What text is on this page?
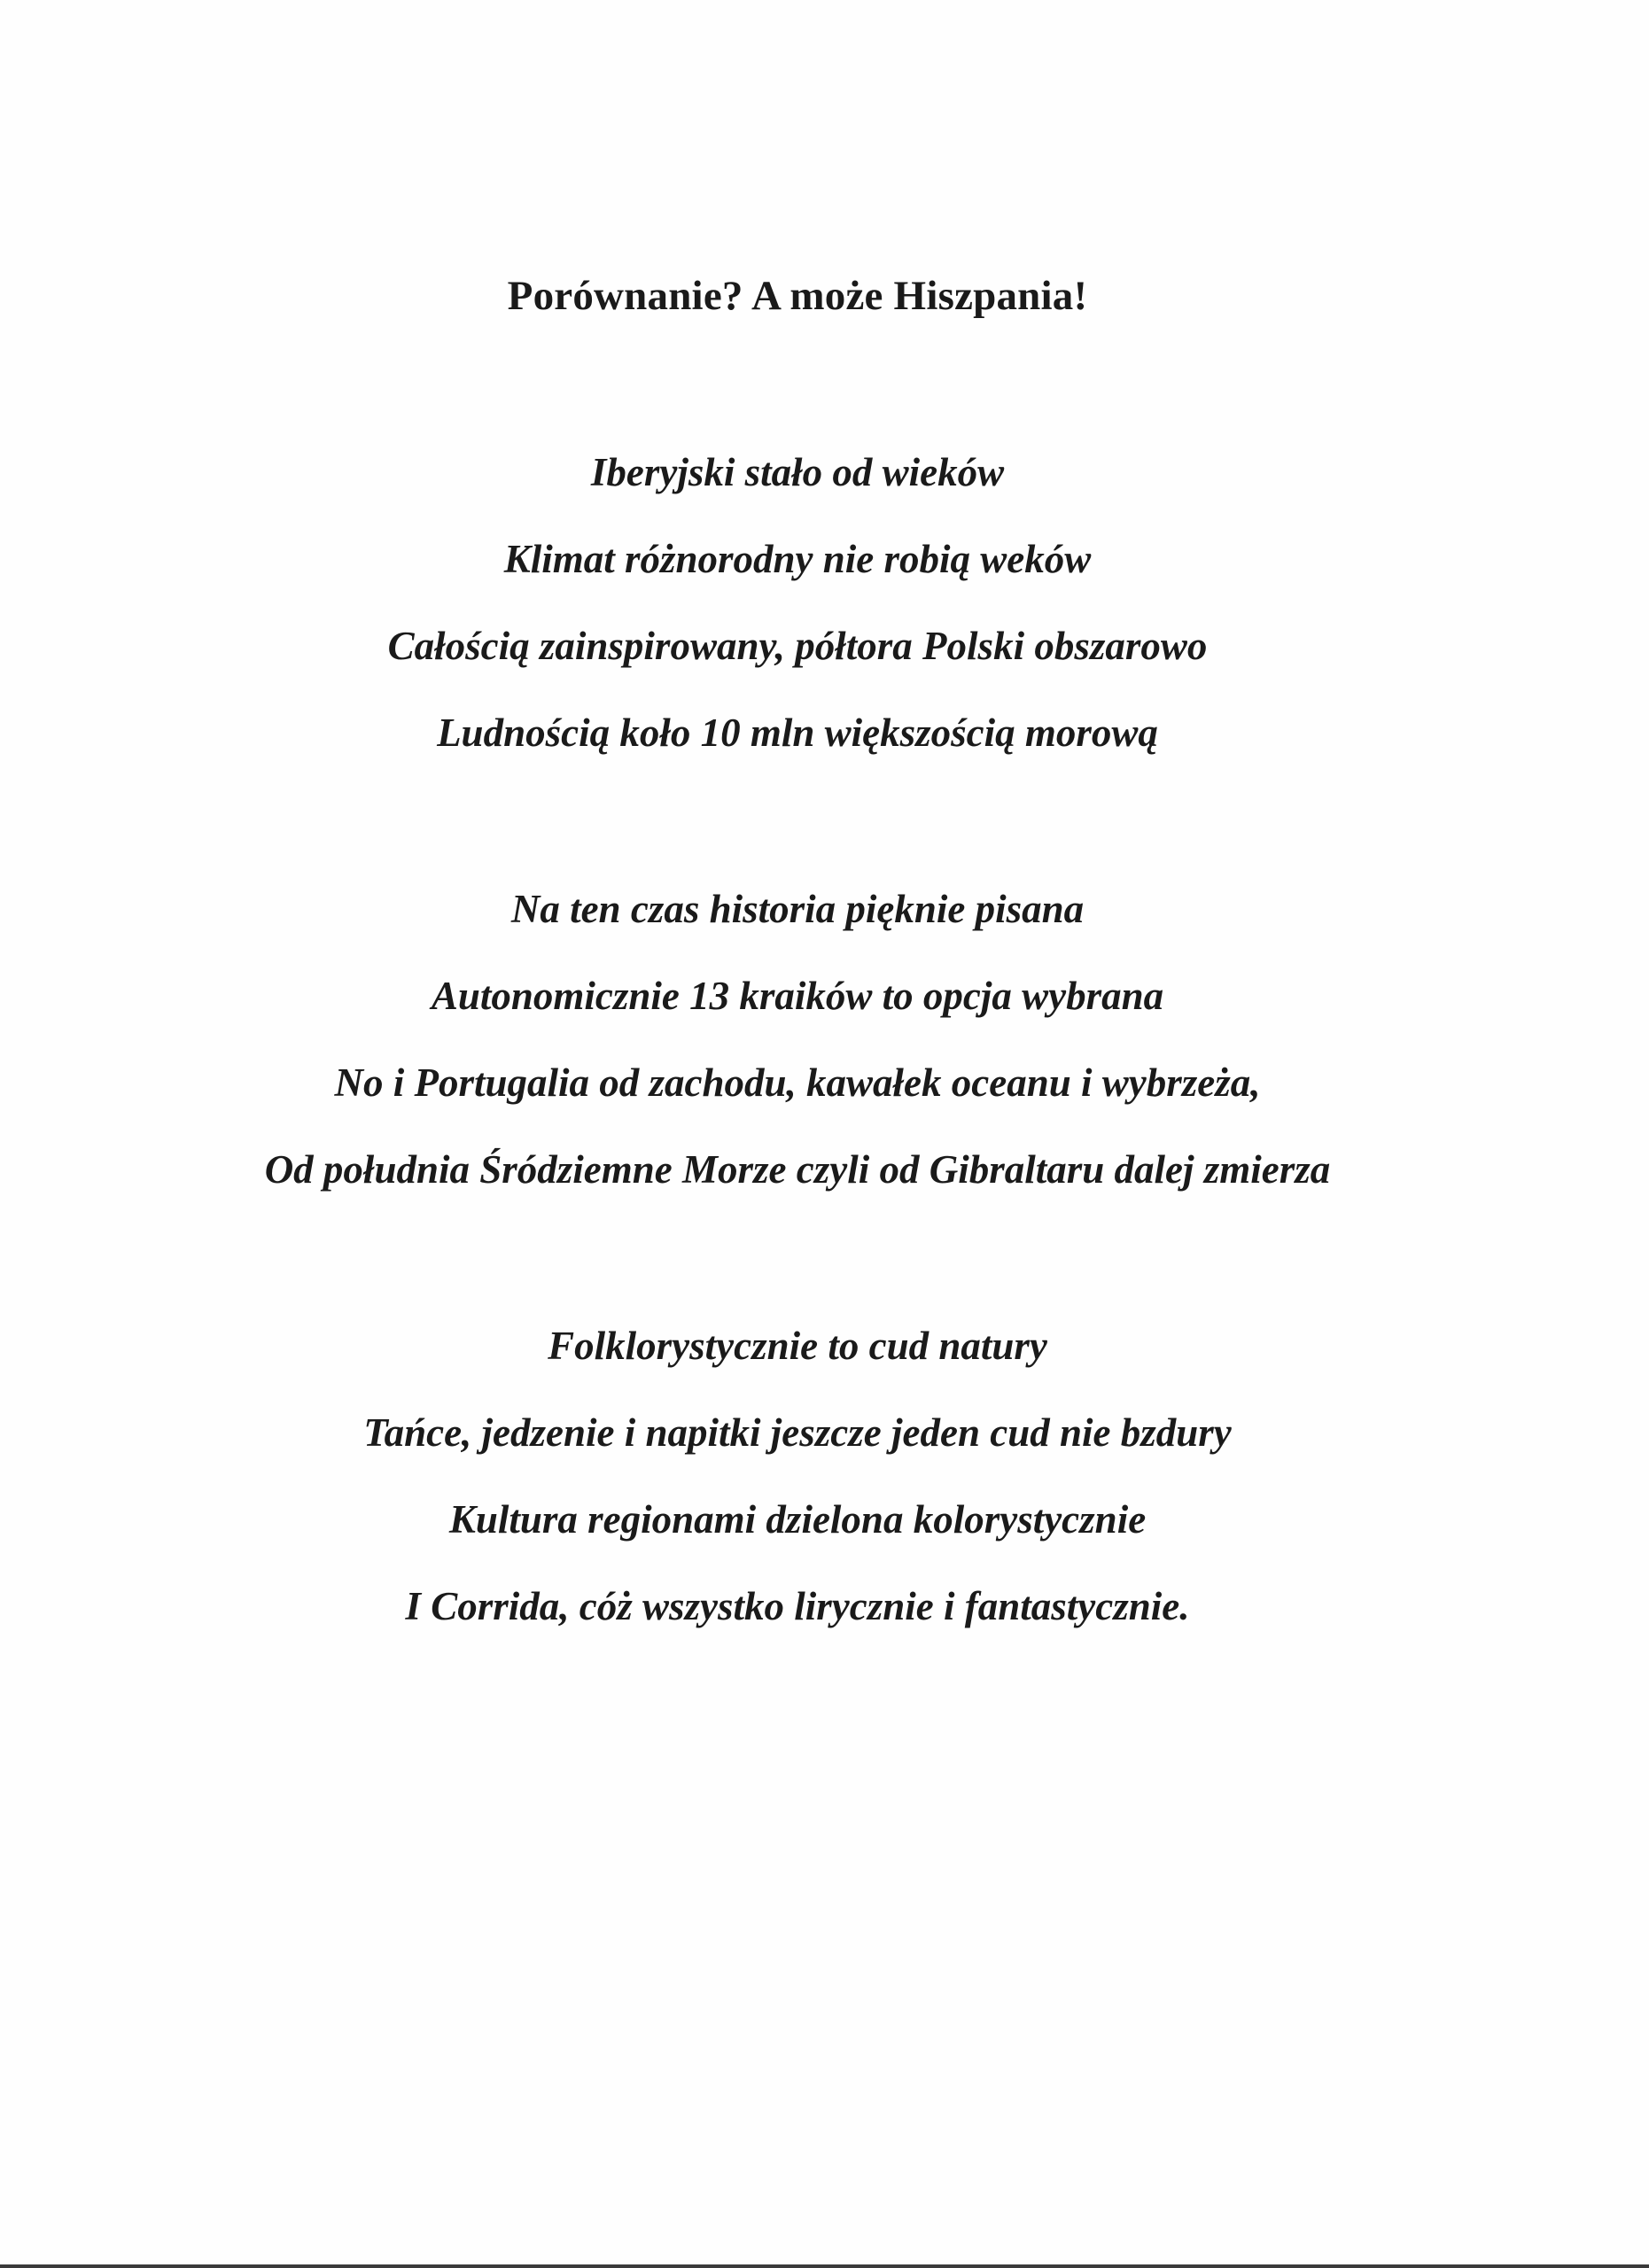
Porównanie? A może Hiszpania!
Iberyjski stało od wieków
Klimat różnorodny nie robią weków
Całością zainspirowany, półtora Polski obszarowo
Ludnością koło 10 mln większością morową
Na ten czas historia pięknie pisana
Autonomicznie 13 kraików to opcja wybrana
No i Portugalia od zachodu, kawałek oceanu i wybrzeża,
Od południa Śródziemne Morze czyli od Gibraltaru dalej zmierza
Folklorystycznie to cud natury
Tańce, jedzenie i napitki jeszcze jeden cud nie bzdury
Kultura regionami dzielona kolorystycznie
I Corrida, cóż wszystko lirycznie i fantastycznie.
